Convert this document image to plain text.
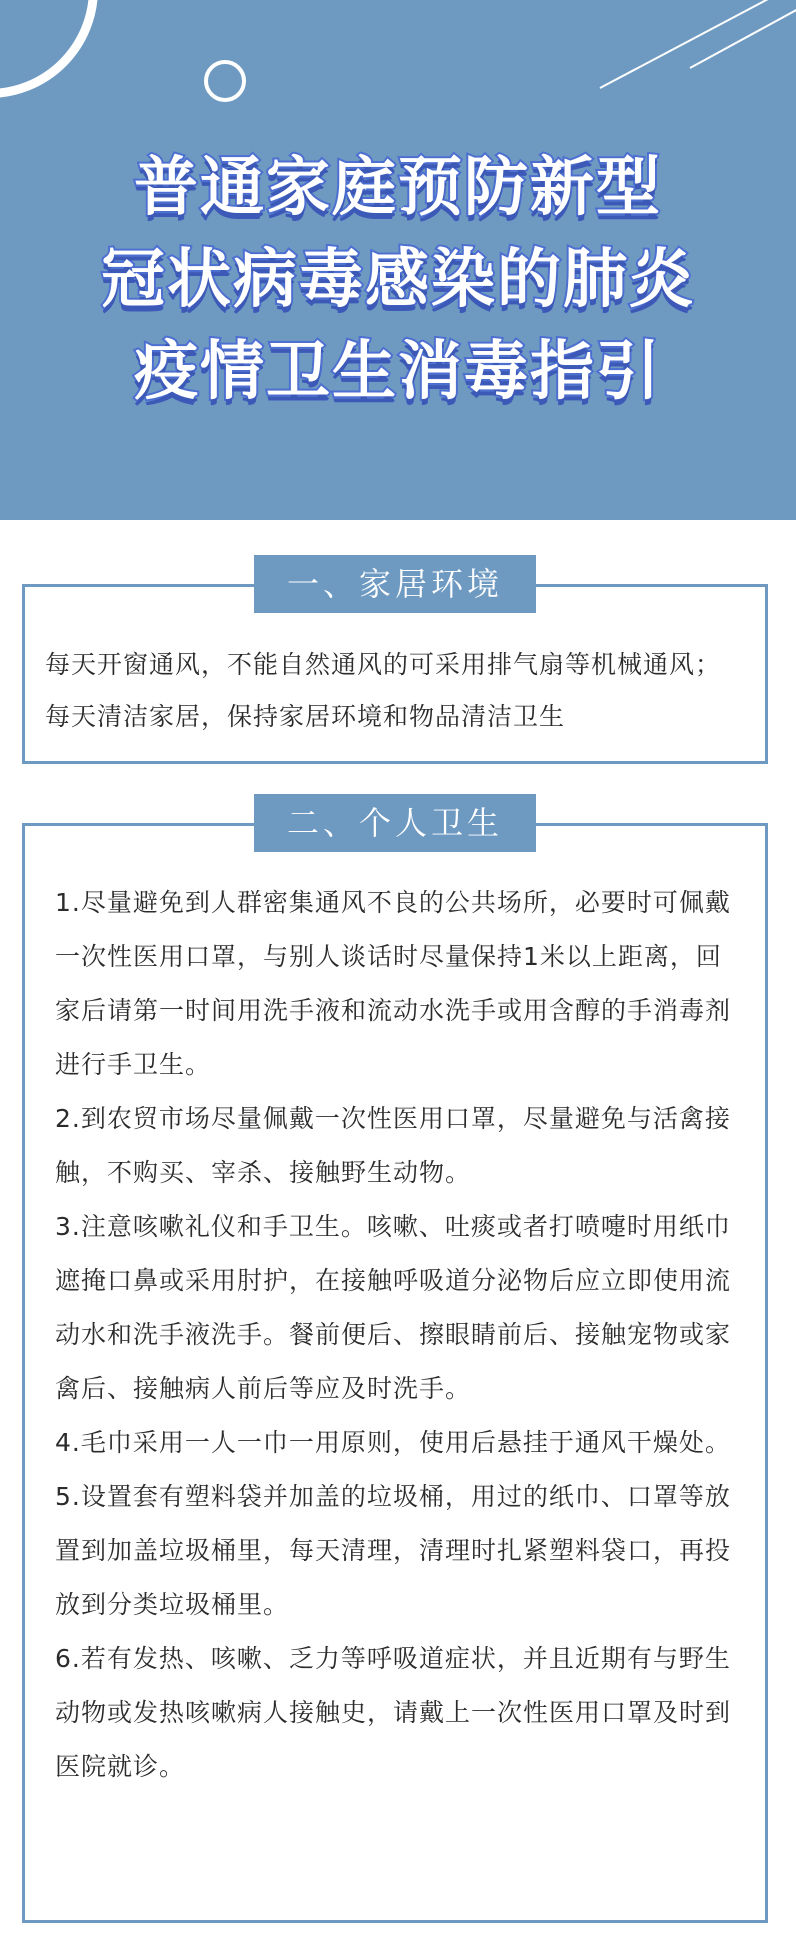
普通家庭预防新型
冠状病毒感染的肺炎
疫情卫生消毒指引
一、家居环境

每天开窗通风，不能自然通风的可采用排气扇等机械通风；每天清洁家居，保持家居环境和物品清洁卫生

二、个人卫生
1.尽量避免到人群密集通风不良的公共场所，必要时可佩戴一次性医用口罩，与别人谈话时尽量保持1米以上距离，回家后请第一时间用洗手液和流动水洗手或用含醇的手消毒剂进行手卫生。
2.到农贸市场尽量佩戴一次性医用口罩，尽量避免与活禽接触，不购买、宰杀、接触野生动物。
3.注意咳嗽礼仪和手卫生。咳嗽、吐痰或者打喷嚏时用纸巾遮掩口鼻或采用肘护，在接触呼吸道分泌物后应立即使用流动水和洗手液洗手。餐前便后、擦眼睛前后、接触宠物或家禽后、接触病人前后等应及时洗手。
4.毛巾采用一人一巾一用原则，使用后悬挂于通风干燥处。
5.设置套有塑料袋并加盖的垃圾桶，用过的纸巾、口罩等放置到加盖垃圾桶里，每天清理，清理时扎紧塑料袋口，再投放到分类垃圾桶里。
6.若有发热、咳嗽、乏力等呼吸道症状，并且近期有与野生动物或发热咳嗽病人接触史，请戴上一次性医用口罩及时到医院就诊。
